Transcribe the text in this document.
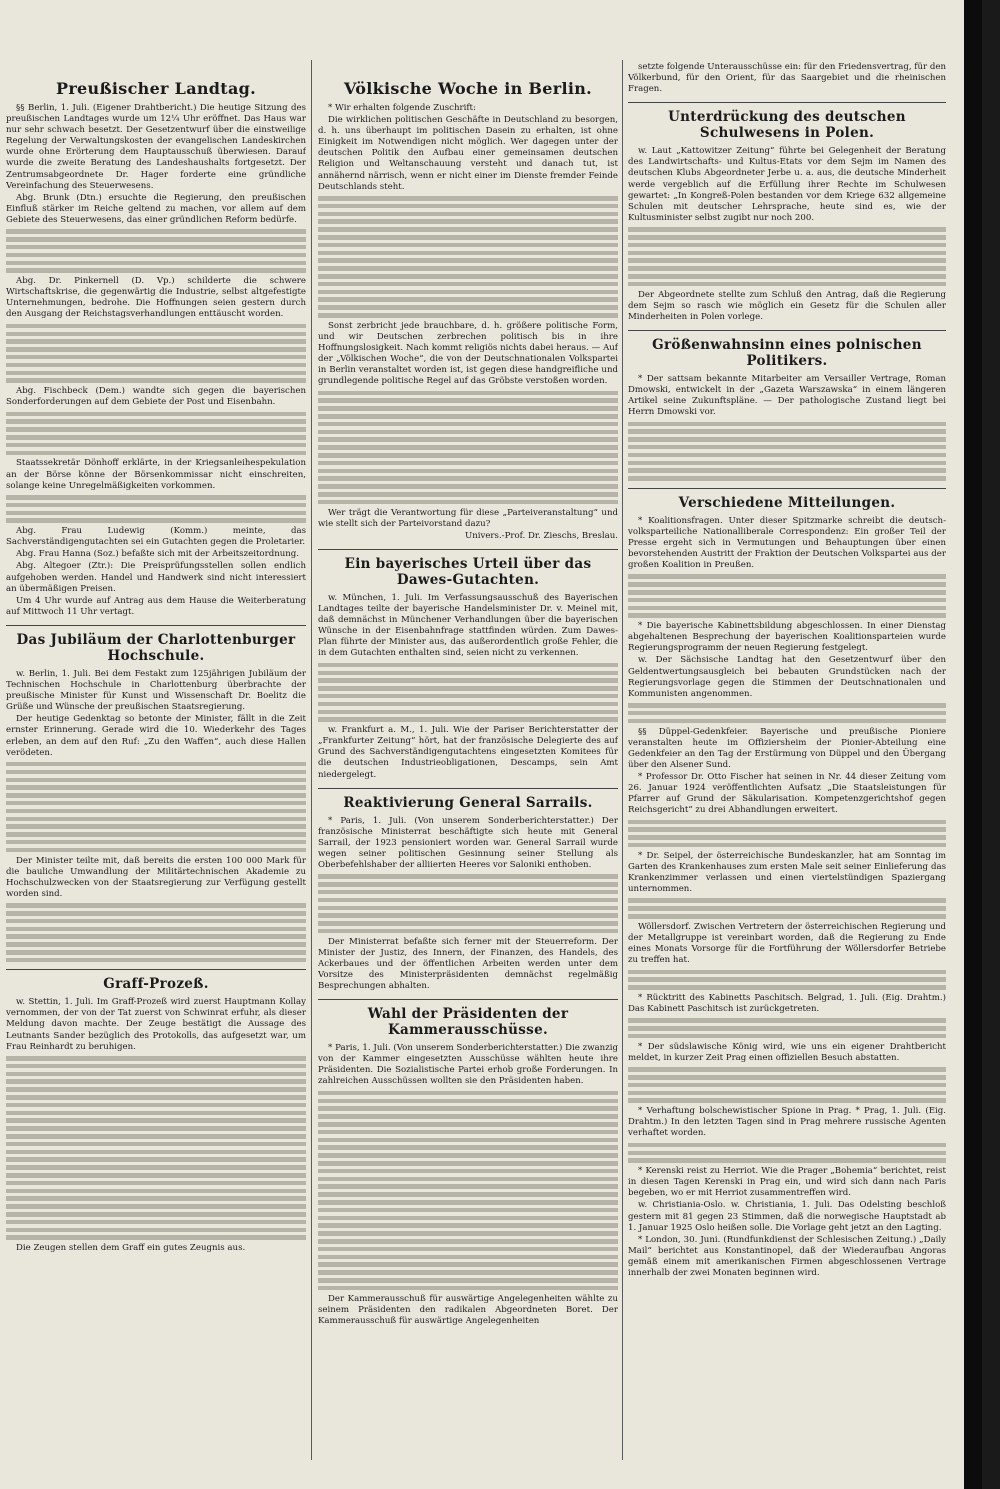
Preußischer Landtag.

§§ Berlin, 1. Juli. (Eigener Drahtbericht.) Die heutige Sitzung des preußischen Landtages wurde um 12¼ Uhr eröffnet. Das Haus war nur sehr schwach besetzt. Der Gesetzentwurf über die einstweilige Regelung der Verwaltungskosten der evangelischen Landeskirchen wurde ohne Erörterung dem Hauptausschuß überwiesen. Darauf wurde die zweite Beratung des Landeshaushalts fortgesetzt. Der Zentrumsabgeordnete Dr. Hager forderte eine gründliche Vereinfachung des Steuerwesens.

Abg. Brunk (Dtn.) ersuchte die Regierung, den preußischen Einfluß stärker im Reiche geltend zu machen, vor allem auf dem Gebiete des Steuerwesens, das einer gründlichen Reform bedürfe.

Abg. Dr. Pinkernell (D. Vp.) schilderte die schwere Wirtschaftskrise, die gegenwärtig die Industrie, selbst altgefestigte Unternehmungen, bedrohe. Die Hoffnungen seien gestern durch den Ausgang der Reichstagsverhandlungen enttäuscht worden.

Abg. Fischbeck (Dem.) wandte sich gegen die bayerischen Sonderforderungen auf dem Gebiete der Post und Eisenbahn.

Staatssekretär Dönhoff erklärte, in der Kriegsanleihespekulation an der Börse könne der Börsenkommissar nicht einschreiten, solange keine Unregelmäßigkeiten vorkommen.

Abg. Frau Ludewig (Komm.) meinte, das Sachverständigengutachten sei ein Gutachten gegen die Proletarier.

Abg. Frau Hanna (Soz.) befaßte sich mit der Arbeitszeitordnung.

Abg. Altegoer (Ztr.): Die Preisprüfungsstellen sollen endlich aufgehoben werden. Handel und Handwerk sind nicht interessiert an übermäßigen Preisen.

Um 4 Uhr wurde auf Antrag aus dem Hause die Weiterberatung auf Mittwoch 11 Uhr vertagt.

Das Jubiläum der Charlottenburger Hochschule.

w. Berlin, 1. Juli. Bei dem Festakt zum 125jährigen Jubiläum der Technischen Hochschule in Charlottenburg überbrachte der preußische Minister für Kunst und Wissenschaft Dr. Boelitz die Grüße und Wünsche der preußischen Staatsregierung.

Der heutige Gedenktag so betonte der Minister, fällt in die Zeit ernster Erinnerung. Gerade wird die 10. Wiederkehr des Tages erleben, an dem auf den Ruf: „Zu den Waffen“, auch diese Hallen verödeten.

Der Minister teilte mit, daß bereits die ersten 100 000 Mark für die bauliche Umwandlung der Militärtechnischen Akademie zu Hochschulzwecken von der Staatsregierung zur Verfügung gestellt worden sind.

Graff-Prozeß.

w. Stettin, 1. Juli. Im Graff-Prozeß wird zuerst Hauptmann Kollay vernommen, der von der Tat zuerst von Schwinrat erfuhr, als dieser Meldung davon machte. Der Zeuge bestätigt die Aussage des Leutnants Sander bezüglich des Protokolls, das aufgesetzt war, um Frau Reinhardt zu beruhigen.

Die Zeugen stellen dem Graff ein gutes Zeugnis aus.

Völkische Woche in Berlin.

* Wir erhalten folgende Zuschrift:

Die wirklichen politischen Geschäfte in Deutschland zu besorgen, d. h. uns überhaupt im politischen Dasein zu erhalten, ist ohne Einigkeit im Notwendigen nicht möglich. Wer dagegen unter der deutschen Politik den Aufbau einer gemeinsamen deutschen Religion und Weltanschauung versteht und danach tut, ist annähernd närrisch, wenn er nicht einer im Dienste fremder Feinde Deutschlands steht.

Sonst zerbricht jede brauchbare, d. h. größere politische Form, und wir Deutschen zerbrechen politisch bis in ihre Hoffnungslosigkeit. Nach kommt religiös nichts dabei heraus. — Auf der „Völkischen Woche“, die von der Deutschnationalen Volkspartei in Berlin veranstaltet worden ist, ist gegen diese handgreifliche und grundlegende politische Regel auf das Gröbste verstoßen worden.

Wer trägt die Verantwortung für diese „Parteiveranstaltung“ und wie stellt sich der Parteivorstand dazu?

Univers.-Prof. Dr. Zieschs, Breslau.

Ein bayerisches Urteil über das Dawes-Gutachten.

w. München, 1. Juli. Im Verfassungsausschuß des Bayerischen Landtages teilte der bayerische Handelsminister Dr. v. Meinel mit, daß demnächst in Münchener Verhandlungen über die bayerischen Wünsche in der Eisenbahnfrage stattfinden würden. Zum Dawes-Plan führte der Minister aus, das außerordentlich große Fehler, die in dem Gutachten enthalten sind, seien nicht zu verkennen.

w. Frankfurt a. M., 1. Juli. Wie der Pariser Berichterstatter der „Frankfurter Zeitung“ hört, hat der französische Delegierte des auf Grund des Sachverständigengutachtens eingesetzten Komitees für die deutschen Industrieobligationen, Descamps, sein Amt niedergelegt.

Reaktivierung General Sarrails.

* Paris, 1. Juli. (Von unserem Sonderberichterstatter.) Der französische Ministerrat beschäftigte sich heute mit General Sarrail, der 1923 pensioniert worden war. General Sarrail wurde wegen seiner politischen Gesinnung seiner Stellung als Oberbefehlshaber der alliierten Heeres vor Saloniki enthoben.

Der Ministerrat befaßte sich ferner mit der Steuerreform. Der Minister der Justiz, des Innern, der Finanzen, des Handels, des Ackerbaues und der öffentlichen Arbeiten werden unter dem Vorsitze des Ministerpräsidenten demnächst regelmäßig Besprechungen abhalten.

Wahl der Präsidenten der Kammerausschüsse.

* Paris, 1. Juli. (Von unserem Sonderberichterstatter.) Die zwanzig von der Kammer eingesetzten Ausschüsse wählten heute ihre Präsidenten. Die Sozialistische Partei erhob große Forderungen. In zahlreichen Ausschüssen wollten sie den Präsidenten haben.

Der Kammerausschuß für auswärtige Angelegenheiten wählte zu seinem Präsidenten den radikalen Abgeordneten Boret. Der Kammerausschuß für auswärtige Angelegenheiten

setzte folgende Unterausschüsse ein: für den Friedensvertrag, für den Völkerbund, für den Orient, für das Saargebiet und die rheinischen Fragen.

Unterdrückung des deutschen Schulwesens in Polen.

w. Laut „Kattowitzer Zeitung“ führte bei Gelegenheit der Beratung des Landwirtschafts- und Kultus-Etats vor dem Sejm im Namen des deutschen Klubs Abgeordneter Jerbe u. a. aus, die deutsche Minderheit werde vergeblich auf die Erfüllung ihrer Rechte im Schulwesen gewartet: „In Kongreß-Polen bestanden vor dem Kriege 632 allgemeine Schulen mit deutscher Lehrsprache, heute sind es, wie der Kultusminister selbst zugibt nur noch 200.

Der Abgeordnete stellte zum Schluß den Antrag, daß die Regierung dem Sejm so rasch wie möglich ein Gesetz für die Schulen aller Minderheiten in Polen vorlege.

Größenwahnsinn eines polnischen Politikers.

* Der sattsam bekannte Mitarbeiter am Versailler Vertrage, Roman Dmowski, entwickelt in der „Gazeta Warszawska“ in einem längeren Artikel seine Zukunftspläne. — Der pathologische Zustand liegt bei Herrn Dmowski vor.

Verschiedene Mitteilungen.

* Koalitionsfragen. Unter dieser Spitzmarke schreibt die deutsch-volksparteiliche Nationalliberale Correspondenz: Ein großer Teil der Presse ergeht sich in Vermutungen und Behauptungen über einen bevorstehenden Austritt der Fraktion der Deutschen Volkspartei aus der großen Koalition in Preußen.

* Die bayerische Kabinettsbildung abgeschlossen. In einer Dienstag abgehaltenen Besprechung der bayerischen Koalitionsparteien wurde Regierungsprogramm der neuen Regierung festgelegt.

w. Der Sächsische Landtag hat den Gesetzentwurf über den Geldentwertungsausgleich bei bebauten Grundstücken nach der Regierungsvorlage gegen die Stimmen der Deutschnationalen und Kommunisten angenommen.

§§ Düppel-Gedenkfeier. Bayerische und preußische Pioniere veranstalten heute im Offiziersheim der Pionier-Abteilung eine Gedenkfeier an den Tag der Erstürmung von Düppel und den Übergang über den Alsener Sund.

* Professor Dr. Otto Fischer hat seinen in Nr. 44 dieser Zeitung vom 26. Januar 1924 veröffentlichten Aufsatz „Die Staatsleistungen für Pfarrer auf Grund der Säkularisation. Kompetenzgerichtshof gegen Reichsgericht“ zu drei Abhandlungen erweitert.

* Dr. Seipel, der österreichische Bundeskanzler, hat am Sonntag im Garten des Krankenhauses zum ersten Male seit seiner Einlieferung das Krankenzimmer verlassen und einen viertelstündigen Spaziergang unternommen.

Wöllersdorf. Zwischen Vertretern der österreichischen Regierung und der Metallgruppe ist vereinbart worden, daß die Regierung zu Ende eines Monats Vorsorge für die Fortführung der Wöllersdorfer Betriebe zu treffen hat.

* Rücktritt des Kabinetts Paschitsch. Belgrad, 1. Juli. (Eig. Drahtm.) Das Kabinett Paschitsch ist zurückgetreten.

* Der südslawische König wird, wie uns ein eigener Drahtbericht meldet, in kurzer Zeit Prag einen offiziellen Besuch abstatten.

* Verhaftung bolschewistischer Spione in Prag. * Prag, 1. Juli. (Eig. Drahtm.) In den letzten Tagen sind in Prag mehrere russische Agenten verhaftet worden.

* Kerenski reist zu Herriot. Wie die Prager „Bohemia“ berichtet, reist in diesen Tagen Kerenski in Prag ein, und wird sich dann nach Paris begeben, wo er mit Herriot zusammentreffen wird.

w. Christiania-Oslo. w. Christiania, 1. Juli. Das Odelsting beschloß gestern mit 81 gegen 23 Stimmen, daß die norwegische Hauptstadt ab 1. Januar 1925 Oslo heißen solle. Die Vorlage geht jetzt an den Lagting.

* London, 30. Juni. (Rundfunkdienst der Schlesischen Zeitung.) „Daily Mail“ berichtet aus Konstantinopel, daß der Wiederaufbau Angoras gemäß einem mit amerikanischen Firmen abgeschlossenen Vertrage innerhalb der zwei Monaten beginnen wird.
